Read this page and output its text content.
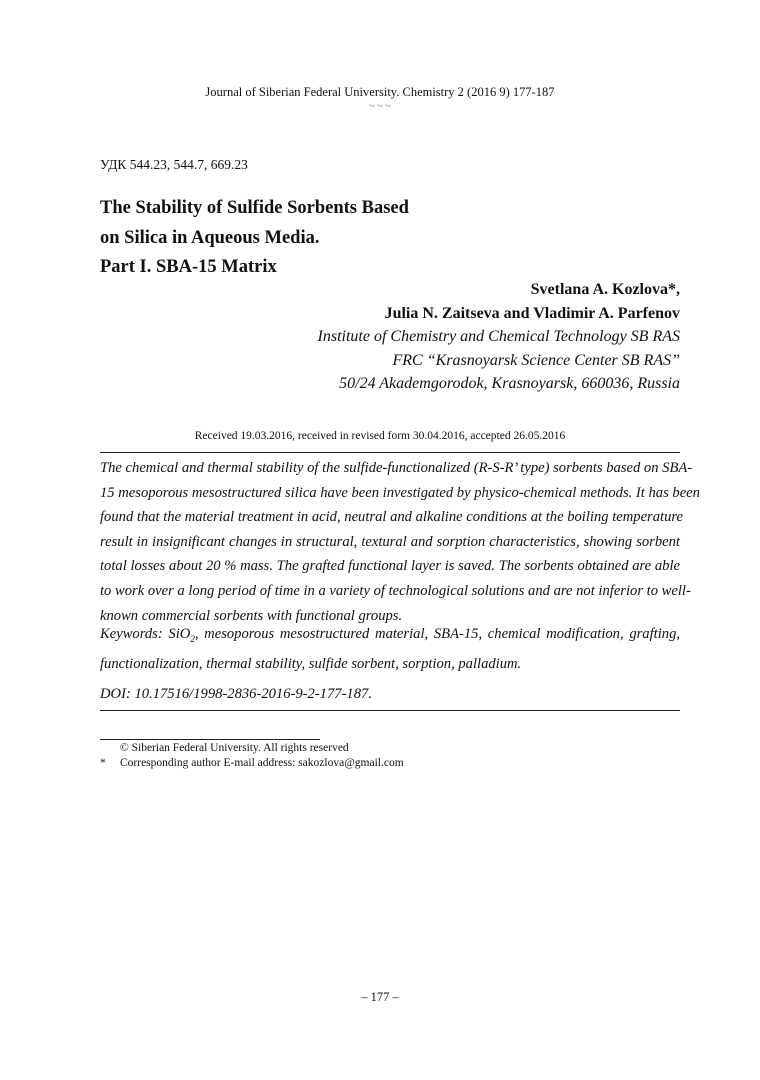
Journal of Siberian Federal University. Chemistry 2 (2016 9) 177-187
~ ~ ~
УДК 544.23, 544.7, 669.23
The Stability of Sulfide Sorbents Based
on Silica in Aqueous Media.
Part I. SBA-15 Matrix
Svetlana A. Kozlova*,
Julia N. Zaitseva and Vladimir A. Parfenov
Institute of Chemistry and Chemical Technology SB RAS
FRC “Krasnoyarsk Science Center SB RAS”
50/24 Akademgorodok, Krasnoyarsk, 660036, Russia
Received 19.03.2016, received in revised form 30.04.2016, accepted 26.05.2016
The chemical and thermal stability of the sulfide-functionalized (R-S-R’ type) sorbents based on SBA-
15 mesoporous mesostructured silica have been investigated by physico-chemical methods. It has been
found that the material treatment in acid, neutral and alkaline conditions at the boiling temperature
result in insignificant changes in structural, textural and sorption characteristics, showing sorbent
total losses about 20 % mass. The grafted functional layer is saved. The sorbents obtained are able
to work over a long period of time in a variety of technological solutions and are not inferior to well-
known commercial sorbents with functional groups.
Keywords: SiO$_2$, mesoporous mesostructured material, SBA-15, chemical modification, grafting,
functionalization, thermal stability, sulfide sorbent, sorption, palladium.
DOI: 10.17516/1998-2836-2016-9-2-177-187.
© Siberian Federal University. All rights reserved
* Corresponding author E-mail address: sakozlova@gmail.com
– 177 –
